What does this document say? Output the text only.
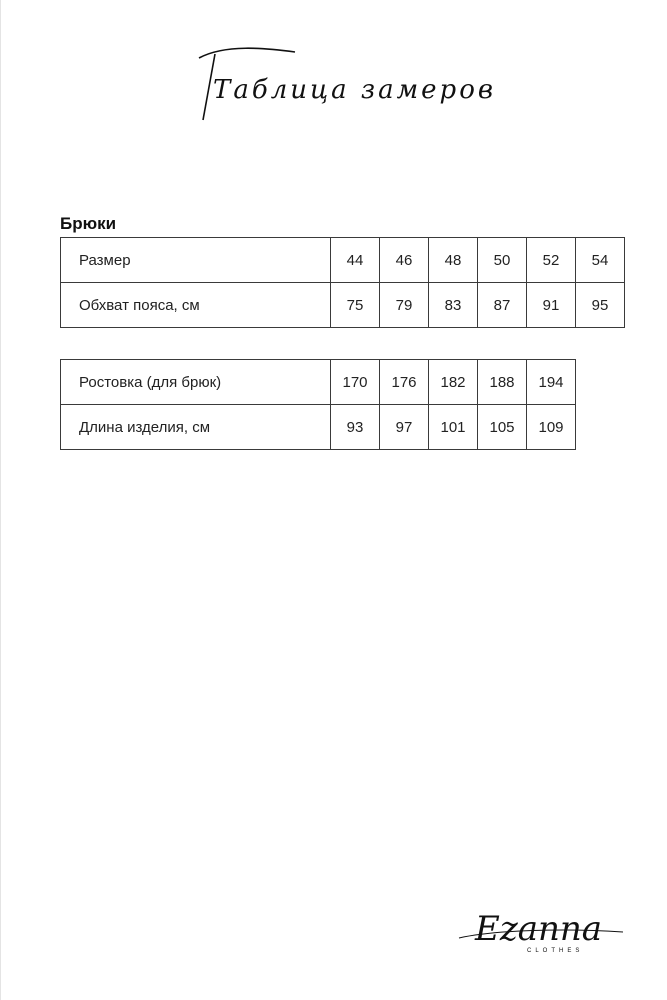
Таблица замеров
Брюки
Размер	44	46	48	50	52	54
Обхват пояса, см	75	79	83	87	91	95
Ростовка (для брюк)	170	176	182	188	194
Длина изделия, см	93	97	101	105	109
Ezanna
CLOTHES
